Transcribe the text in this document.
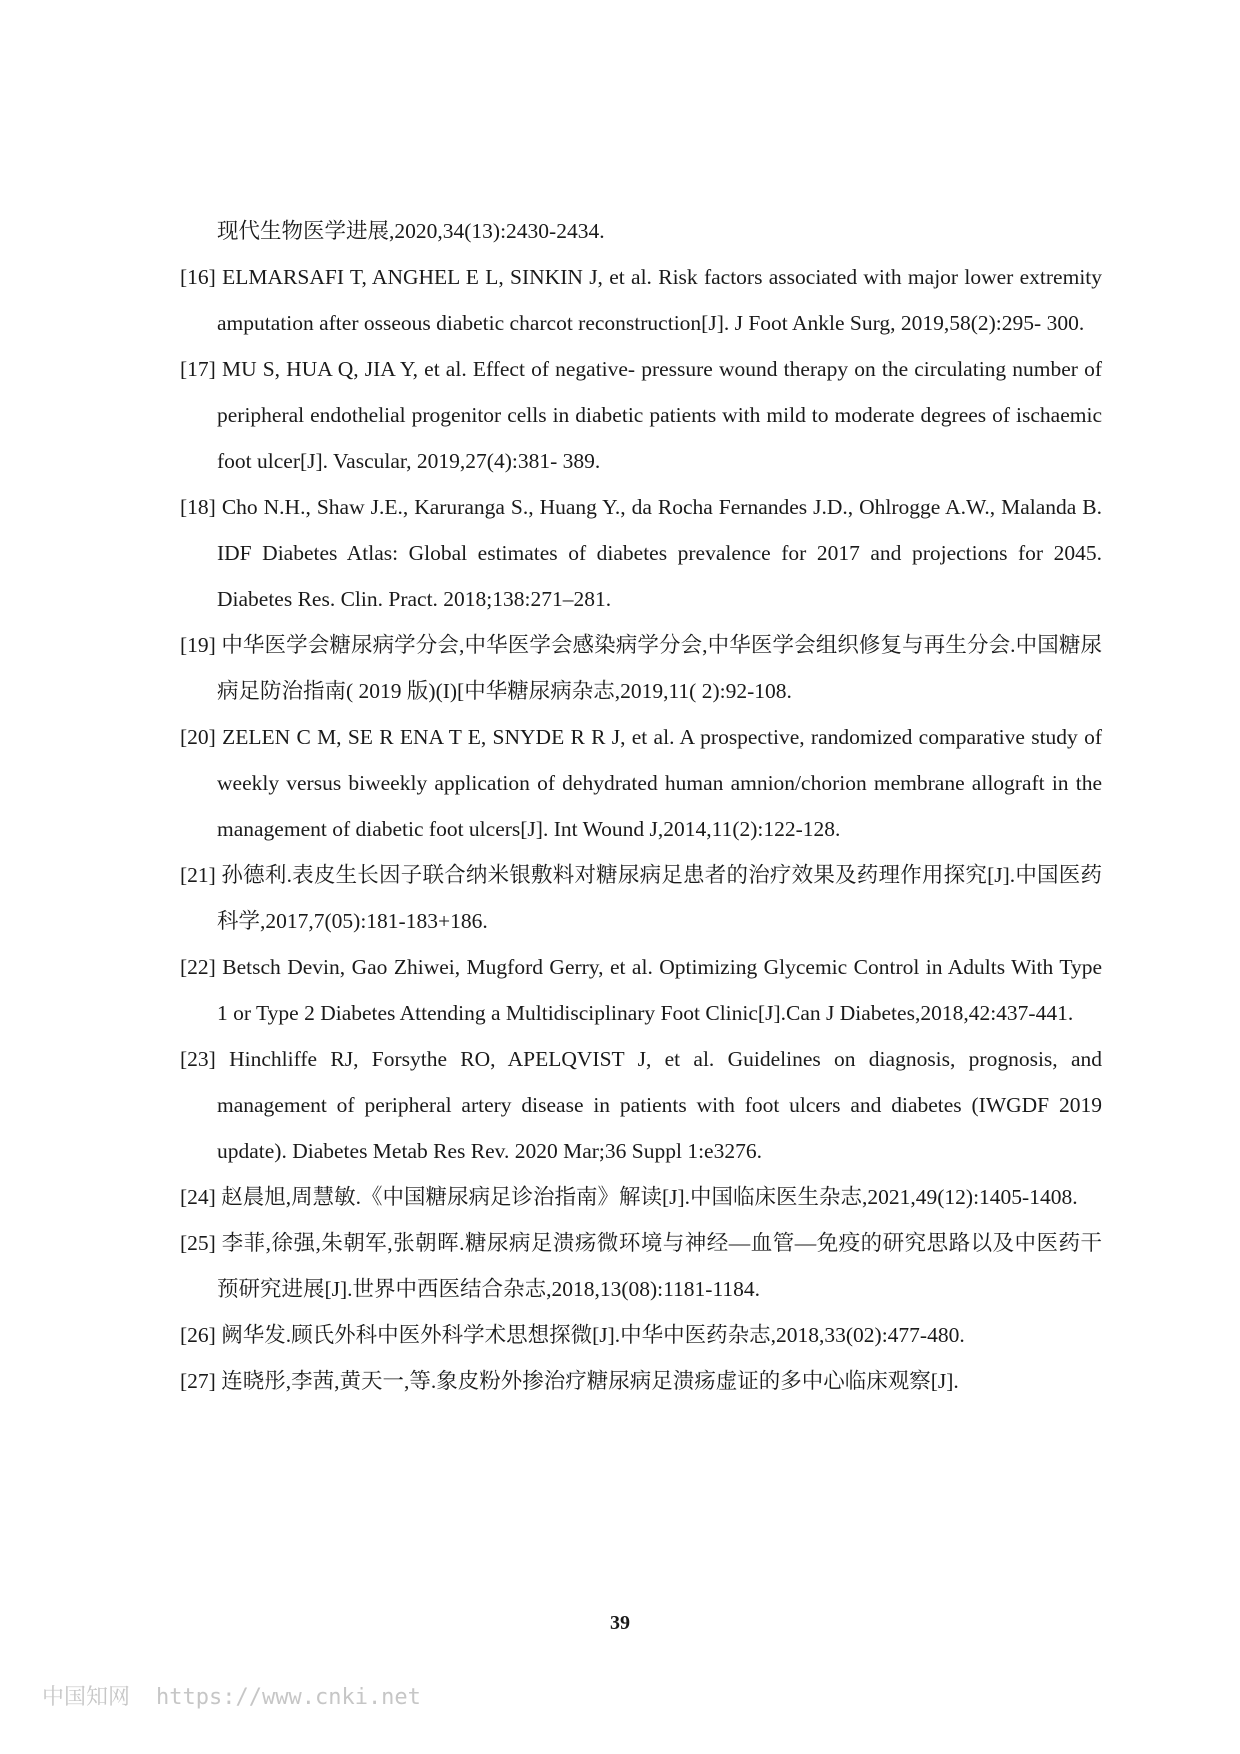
现代生物医学进展,2020,34(13):2430-2434.
[16] ELMARSAFI T, ANGHEL E L, SINKIN J, et al. Risk factors associated with major lower extremity amputation after osseous diabetic charcot reconstruction[J]. J Foot Ankle Surg, 2019,58(2):295- 300.
[17] MU S, HUA Q, JIA Y, et al. Effect of negative- pressure wound therapy on the circulating number of peripheral endothelial progenitor cells in diabetic patients with mild to moderate degrees of ischaemic foot ulcer[J]. Vascular, 2019,27(4):381- 389.
[18] Cho N.H., Shaw J.E., Karuranga S., Huang Y., da Rocha Fernandes J.D., Ohlrogge A.W., Malanda B. IDF Diabetes Atlas: Global estimates of diabetes prevalence for 2017 and projections for 2045. Diabetes Res. Clin. Pract. 2018;138:271–281.
[19] 中华医学会糖尿病学分会,中华医学会感染病学分会,中华医学会组织修复与再生分会.中国糖尿病足防治指南( 2019 版)(I)[中华糖尿病杂志,2019,11( 2):92-108.
[20] ZELEN C M, SE R ENA T E, SNYDE R R J, et al. A prospective, randomized comparative study of weekly versus biweekly application of dehydrated human amnion/chorion membrane allograft in the management of diabetic foot ulcers[J]. Int Wound J,2014,11(2):122-128.
[21] 孙德利.表皮生长因子联合纳米银敷料对糖尿病足患者的治疗效果及药理作用探究[J].中国医药科学,2017,7(05):181-183+186.
[22] Betsch Devin, Gao Zhiwei, Mugford Gerry, et al. Optimizing Glycemic Control in Adults With Type 1 or Type 2 Diabetes Attending a Multidisciplinary Foot Clinic[J].Can J Diabetes,2018,42:437-441.
[23] Hinchliffe RJ, Forsythe RO, APELQVIST J, et al. Guidelines on diagnosis, prognosis, and management of peripheral artery disease in patients with foot ulcers and diabetes (IWGDF 2019 update). Diabetes Metab Res Rev. 2020 Mar;36 Suppl 1:e3276.
[24] 赵晨旭,周慧敏.《中国糖尿病足诊治指南》解读[J].中国临床医生杂志,2021,49(12):1405-1408.
[25] 李菲,徐强,朱朝军,张朝晖.糖尿病足溃疡微环境与神经—血管—免疫的研究思路以及中医药干预研究进展[J].世界中西医结合杂志,2018,13(08):1181-1184.
[26] 阙华发.顾氏外科中医外科学术思想探微[J].中华中医药杂志,2018,33(02):477-480.
[27] 连晓彤,李茜,黄天一,等.象皮粉外掺治疗糖尿病足溃疡虚证的多中心临床观察[J].
39
中国知网 https://www.cnki.net
